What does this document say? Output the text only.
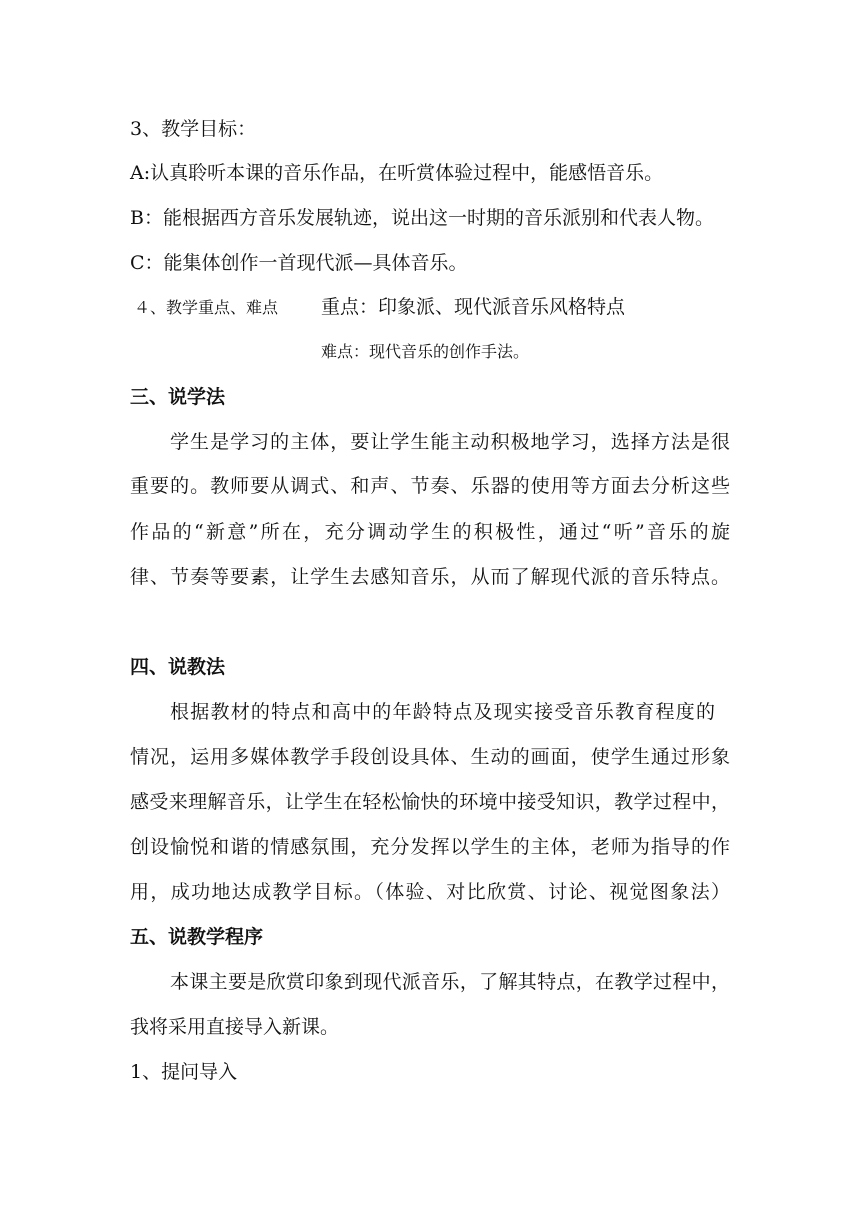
3、教学目标：
A:认真聆听本课的音乐作品，在听赏体验过程中，能感悟音乐。
B：能根据西方音乐发展轨迹，说出这一时期的音乐派别和代表人物。
C：能集体创作一首现代派—具体音乐。
４、教学重点、难点 重点：印象派、现代派音乐风格特点
难点：现代音乐的创作手法。
三、说学法
学生是学习的主体，要让学生能主动积极地学习，选择方法是很
重要的。教师要从调式、和声、节奏、乐器的使用等方面去分析这些
作品的“新意”所在，充分调动学生的积极性，通过“听”音乐的旋
律、节奏等要素，让学生去感知音乐，从而了解现代派的音乐特点。
四、说教法
根据教材的特点和高中的年龄特点及现实接受音乐教育程度的
情况，运用多媒体教学手段创设具体、生动的画面，使学生通过形象
感受来理解音乐，让学生在轻松愉快的环境中接受知识，教学过程中，
创设愉悦和谐的情感氛围，充分发挥以学生的主体，老师为指导的作
用，成功地达成教学目标。（体验、对比欣赏、讨论、视觉图象法）
五、说教学程序
本课主要是欣赏印象到现代派音乐，了解其特点，在教学过程中，
我将采用直接导入新课。
1、提问导入
